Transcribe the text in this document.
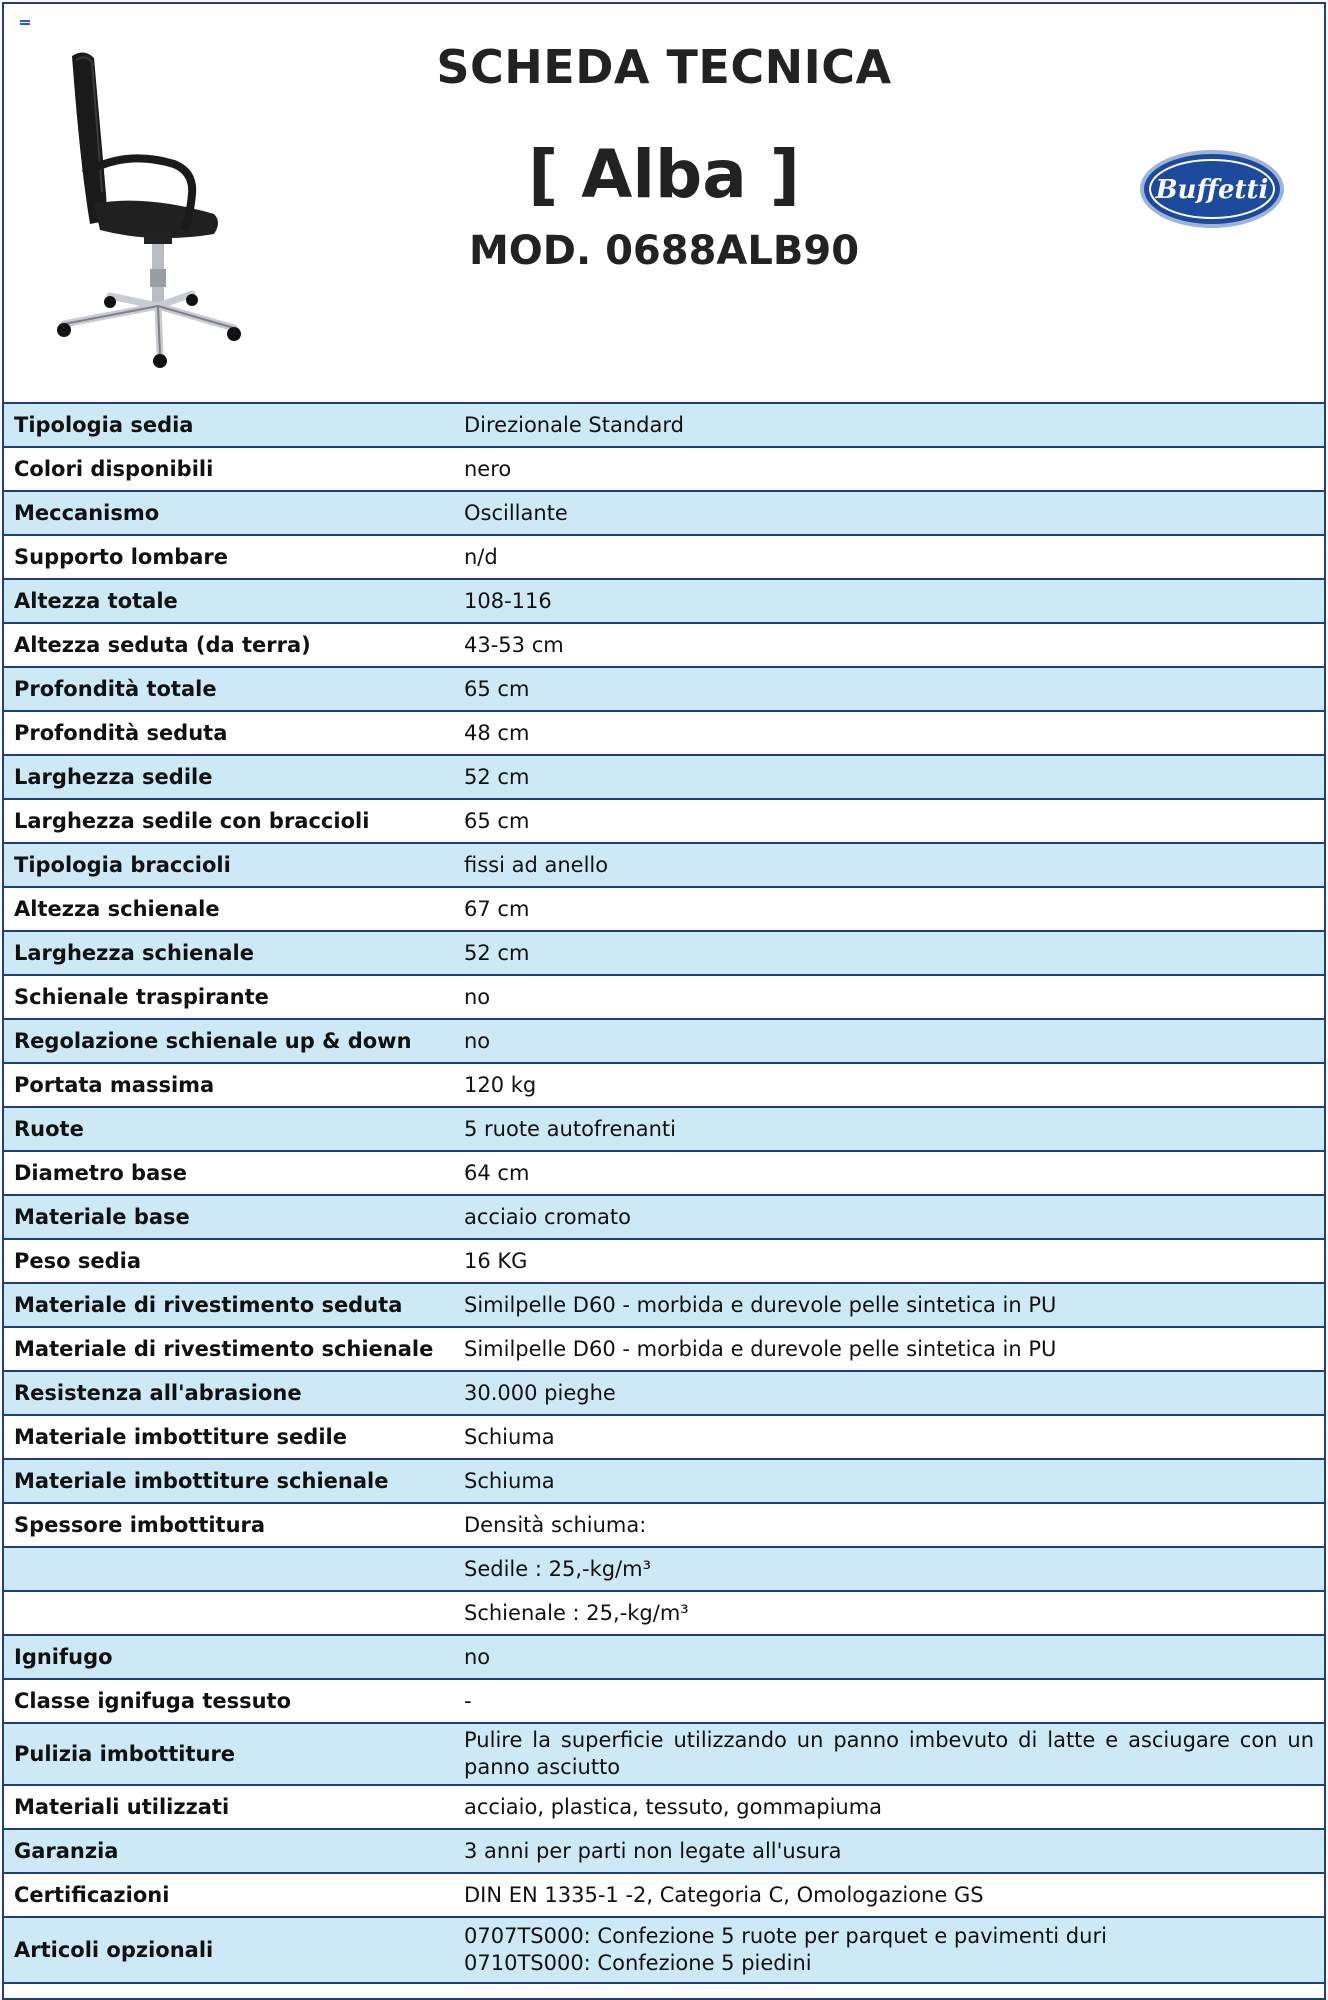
SCHEDA TECNICA
[ Alba ]
MOD. 0688ALB90
Buffetti
Tipologia sedia	Direzionale Standard
Colori disponibili	nero
Meccanismo	Oscillante
Supporto lombare	n/d
Altezza totale	108-116
Altezza seduta (da terra)	43-53 cm
Profondità totale	65 cm
Profondità seduta	48 cm
Larghezza sedile	52 cm
Larghezza sedile con braccioli	65 cm
Tipologia braccioli	fissi ad anello
Altezza schienale	67 cm
Larghezza schienale	52 cm
Schienale traspirante	no
Regolazione schienale up & down	no
Portata massima	120 kg
Ruote	5 ruote autofrenanti
Diametro base	64 cm
Materiale base	acciaio cromato
Peso sedia	16 KG
Materiale di rivestimento seduta	Similpelle D60 - morbida e durevole pelle sintetica in PU
Materiale di rivestimento schienale	Similpelle D60 - morbida e durevole pelle sintetica in PU
Resistenza all'abrasione	30.000 pieghe
Materiale imbottiture sedile	Schiuma
Materiale imbottiture schienale	Schiuma
Spessore imbottitura	Densità schiuma:
	Sedile : 25,-kg/m³
	Schienale : 25,-kg/m³
Ignifugo	no
Classe ignifuga tessuto	-
Pulizia imbottiture	Pulire la superficie utilizzando un panno imbevuto di latte e asciugare con un panno asciutto
Materiali utilizzati	acciaio, plastica, tessuto, gommapiuma
Garanzia	3 anni per parti non legate all'usura
Certificazioni	DIN EN 1335-1 -2, Categoria C, Omologazione GS
Articoli opzionali	0707TS000: Confezione 5 ruote per parquet e pavimenti duri
0710TS000: Confezione 5 piedini
